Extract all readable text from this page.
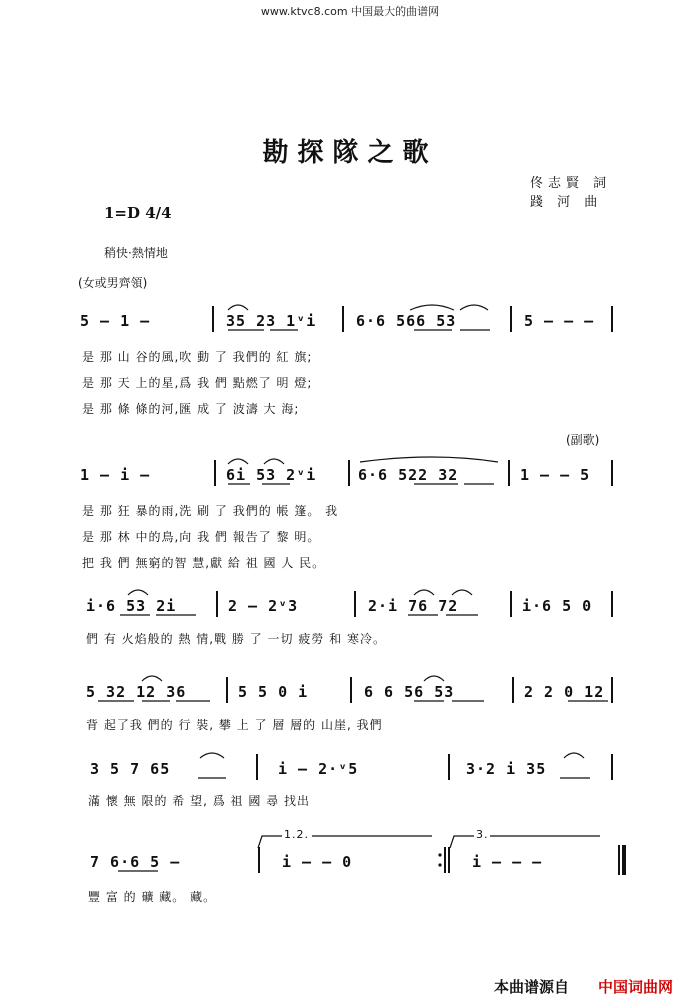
www.ktvc8.com 中国最大的曲谱网
勘探隊之歌
佟志賢 詞
踐 河 曲
1=D 4/4
稍快·熱情地
(女或男齊領)
(副歌)
5 — 1 —	35 23 1ᵛi	6·6 566 53	5 — — —
是 那 山 谷的風,吹 動 了 我們的 紅 旗;
是 那 天 上的星,爲 我 們 點燃了 明 燈;
是 那 條 條的河,匯 成 了 波濤 大 海;
1 — i —	6i 53 2ᵛi	6·6 522 32	1 — — 5
是 那 狂 暴的雨,洗 刷 了 我們的 帳 篷。 我
是 那 林 中的鳥,向 我 們 報告了 黎 明。
把 我 們 無窮的智 慧,獻 給 祖 國 人 民。
i·6 53 2i	2 — 2ᵛ3	2·i 76 72	i·6 5 0
們 有 火焰般的 熱 情,戰 勝 了 一切 疲勞 和 寒冷。
5 32 12 36	5 5 0 i	6 6 56 53	2 2 0 12
背 起了我 們的 行 裝, 攀 上 了 層 層的 山崖, 我們
3 5 7 65	i — 2·ᵛ5	3·2 i 35
滿 懷 無 限的 希 望, 爲 祖 國 尋 找出
1.2.	3.
7 6·6 5 —	i — — 0	i — — —
豐 富 的 礦 藏。 藏。
本曲谱源自 中国词曲网
